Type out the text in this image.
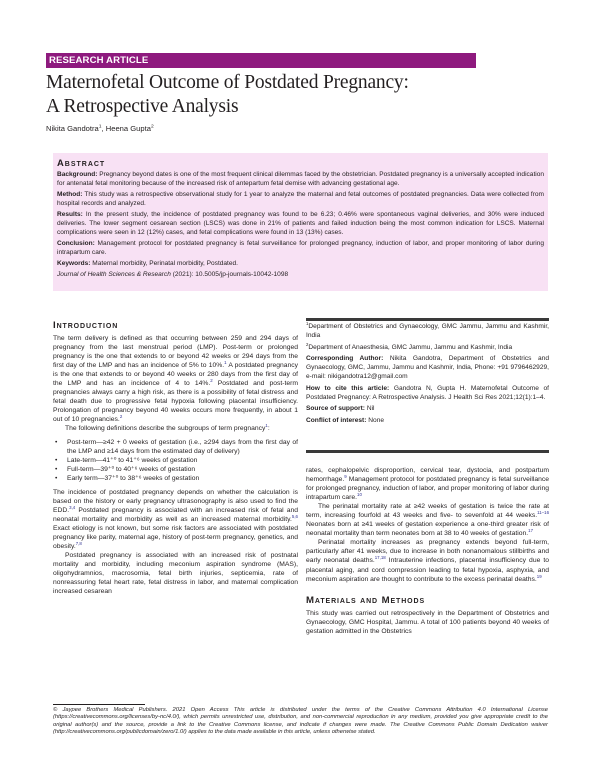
RESEARCH ARTICLE
Maternofetal Outcome of Postdated Pregnancy:
A Retrospective Analysis
Nikita Gandotra$^1$, Heena Gupta$^2$
Abstract

Background: Pregnancy beyond dates is one of the most frequent clinical dilemmas faced by the obstetrician. Postdated pregnancy is a universally accepted indication for antenatal fetal monitoring because of the increased risk of antepartum fetal demise with advancing gestational age.

Method: This study was a retrospective observational study for 1 year to analyze the maternal and fetal outcomes of postdated pregnancies. Data were collected from hospital records and analyzed.

Results: In the present study, the incidence of postdated pregnancy was found to be 6.23; 0.46% were spontaneous vaginal deliveries, and 30% were induced deliveries. The lower segment cesarean section (LSCS) was done in 21% of patients and failed induction being the most common indication for LSCS. Maternal complications were seen in 12 (12%) cases, and fetal complications were found in 13 (13%) cases.

Conclusion: Management protocol for postdated pregnancy is fetal surveillance for prolonged pregnancy, induction of labor, and proper monitoring of labor during intrapartum care.

Keywords: Maternal morbidity, Perinatal morbidity, Postdated.

Journal of Health Sciences & Research (2021): 10.5005/jp-journals-10042-1098

Introduction

The term delivery is defined as that occurring between 259 and 294 days of pregnancy from the last menstrual period (LMP). Post-term or prolonged pregnancy is the one that extends to or beyond 42 weeks or 294 days from the first day of the LMP and has an incidence of 5% to 10%.$^1$ A postdated pregnancy is the one that extends to or beyond 40 weeks or 280 days from the first day of the LMP and has an incidence of 4 to 14%.$^2$ Postdated and post-term pregnancies always carry a high risk, as there is a possibility of fetal distress and fetal death due to progressive fetal hypoxia following placental insufficiency. Prolongation of pregnancy beyond 40 weeks occurs more frequently, in about 1 out of 10 pregnancies.$^2$

The following definitions describe the subgroups of term pregnancy$^1$:

• Post-term—≥42 + 0 weeks of gestation (i.e., ≥294 days from the first day of the LMP and ≥14 days from the estimated day of delivery)
• Late-term—41⁺⁰ to 41⁺⁶ weeks of gestation
• Full-term—39⁺⁰ to 40⁺⁶ weeks of gestation
• Early term—37⁺⁰ to 38⁺⁶ weeks of gestation

The incidence of postdated pregnancy depends on whether the calculation is based on the history or early pregnancy ultrasonography is also used to find the EDD.$^{3,4}$ Postdated pregnancy is associated with an increased risk of fetal and neonatal mortality and morbidity as well as an increased maternal morbidity.$^{5,6}$ Exact etiology is not known, but some risk factors are associated with postdated pregnancy like parity, maternal age, history of post-term pregnancy, genetics, and obesity.$^{7,8}$

Postdated pregnancy is associated with an increased risk of postnatal mortality and morbidity, including meconium aspiration syndrome (MAS), oligohydramnios, macrosomia, fetal birth injuries, septicemia, rate of nonreassuring fetal heart rate, fetal distress in labor, and maternal complication increased cesarean

$^1$Department of Obstetrics and Gynaecology, GMC Jammu, Jammu and Kashmir, India

$^2$Department of Anaesthesia, GMC Jammu, Jammu and Kashmir, India

Corresponding Author: Nikita Gandotra, Department of Obstetrics and Gynaecology, GMC, Jammu, Jammu and Kashmir, India, Phone: +91 9796462929, e-mail: nikigandotra12@gmail.com

How to cite this article: Gandotra N, Gupta H. Maternofetal Outcome of Postdated Pregnancy: A Retrospective Analysis. J Health Sci Res 2021;12(1):1–4.

Source of support: Nil

Conflict of interest: None

rates, cephalopelvic disproportion, cervical tear, dystocia, and postpartum hemorrhage.$^9$ Management protocol for postdated pregnancy is fetal surveillance for prolonged pregnancy, induction of labor, and proper monitoring of labor during intrapartum care.$^{10}$

The perinatal mortality rate at ≥42 weeks of gestation is twice the rate at term, increasing fourfold at 43 weeks and five- to sevenfold at 44 weeks.$^{11-16}$ Neonates born at ≥41 weeks of gestation experience a one-third greater risk of neonatal mortality than term neonates born at 38 to 40 weeks of gestation.$^{17}$

Perinatal mortality increases as pregnancy extends beyond full-term, particularly after 41 weeks, due to increase in both nonanomalous stillbirths and early neonatal deaths.$^{17,18}$ Intrauterine infections, placental insufficiency due to placental aging, and cord compression leading to fetal hypoxia, asphyxia, and meconium aspiration are thought to contribute to the excess perinatal deaths.$^{19}$

Materials and Methods

This study was carried out retrospectively in the Department of Obstetrics and Gynaecology, GMC Hospital, Jammu. A total of 100 patients beyond 40 weeks of gestation admitted in the Obstetrics

© Jaypee Brothers Medical Publishers. 2021 Open Access This article is distributed under the terms of the Creative Commons Attribution 4.0 International License (https://creativecommons.org/licenses/by-nc/4.0/), which permits unrestricted use, distribution, and non-commercial reproduction in any medium, provided you give appropriate credit to the original author(s) and the source, provide a link to the Creative Commons license, and indicate if changes were made. The Creative Commons Public Domain Dedication waiver (http://creativecommons.org/publicdomain/zero/1.0/) applies to the data made available in this article, unless otherwise stated.
